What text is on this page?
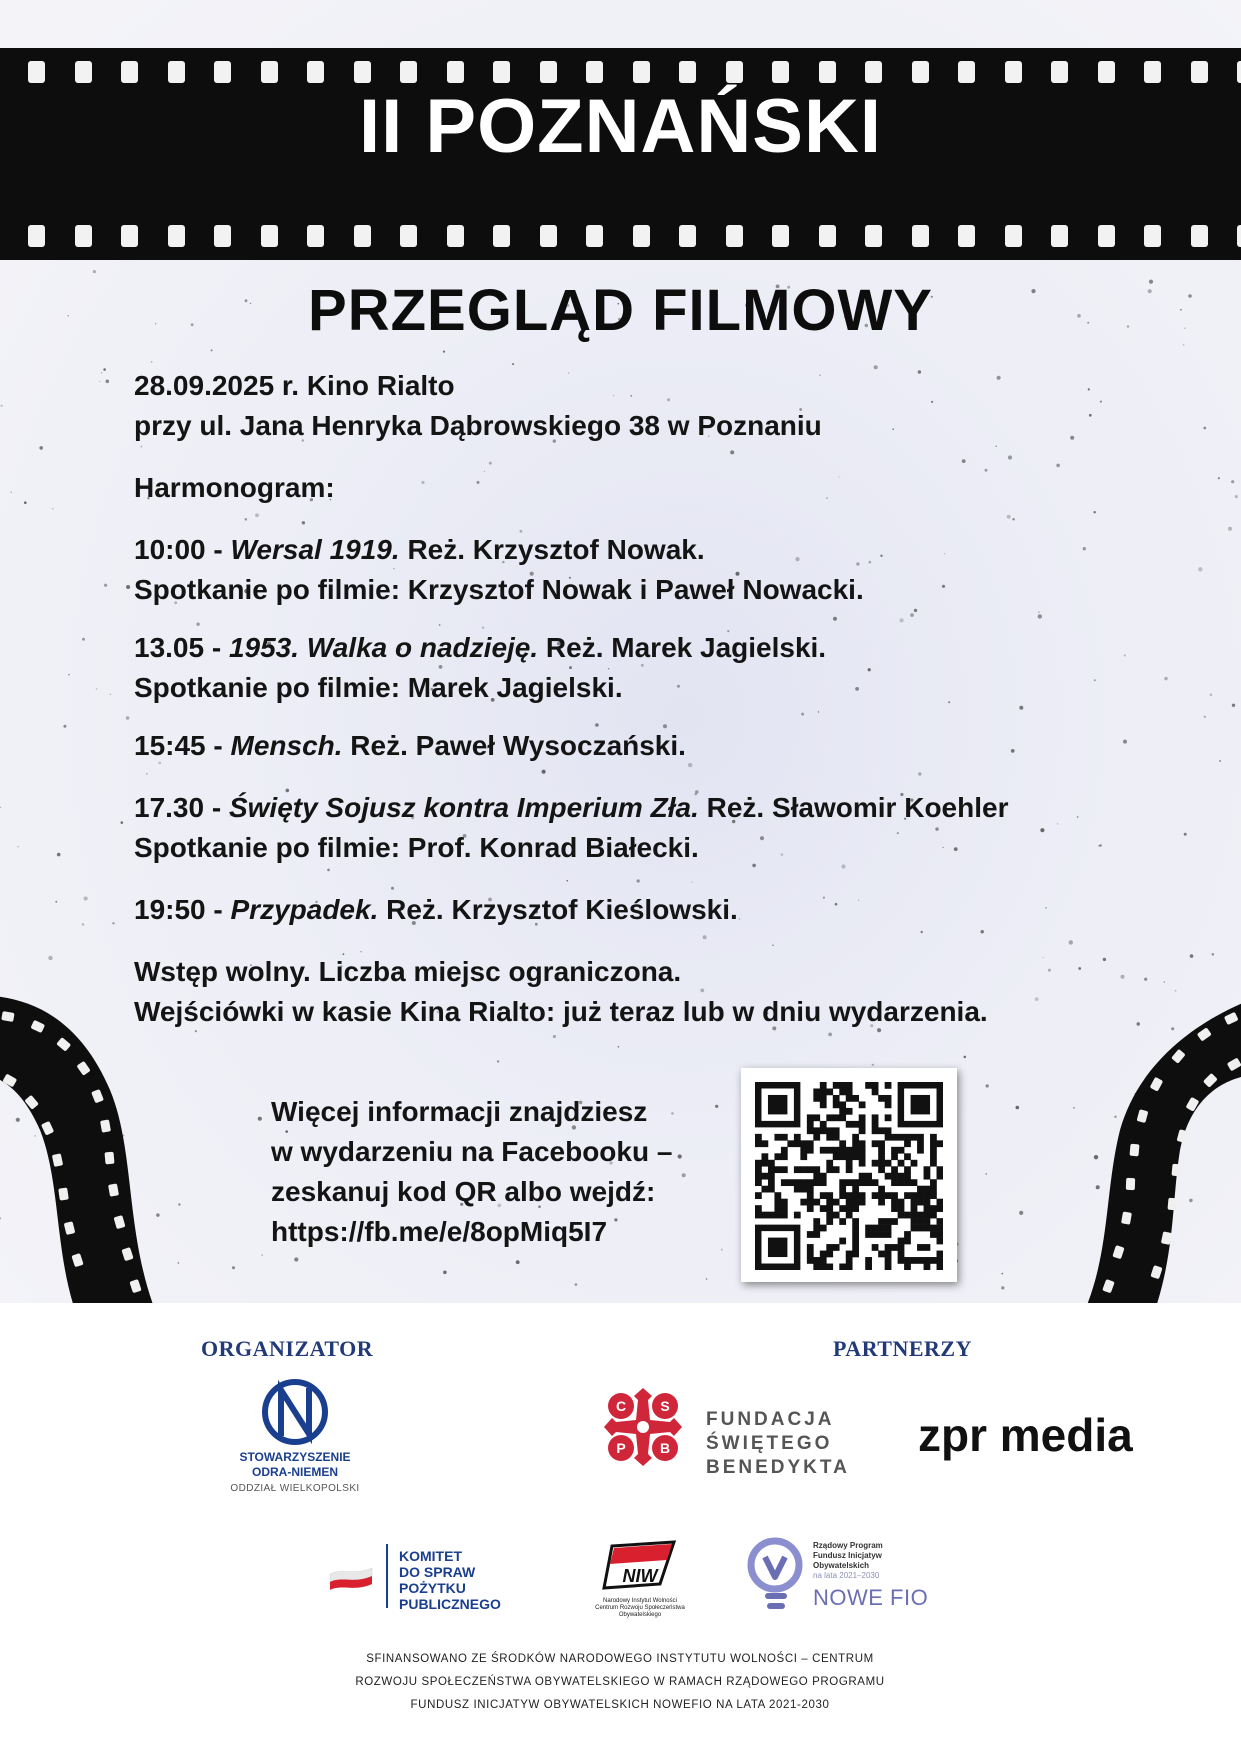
II POZNAŃSKI
PRZEGLĄD FILMOWY

28.09.2025 r. Kino Rialto

przy ul. Jana Henryka Dąbrowskiego 38 w Poznaniu

Harmonogram:

10:00 - Wersal 1919. Reż. Krzysztof Nowak.

Spotkanie po filmie: Krzysztof Nowak i Paweł Nowacki.

13.05 - 1953. Walka o nadzieję. Reż. Marek Jagielski.

Spotkanie po filmie: Marek Jagielski.

15:45 - Mensch. Reż. Paweł Wysoczański.

17.30 - Święty Sojusz kontra Imperium Zła. Reż. Sławomir Koehler

Spotkanie po filmie: Prof. Konrad Białecki.

19:50 - Przypadek. Reż. Krzysztof Kieślowski.

Wstęp wolny. Liczba miejsc ograniczona.

Wejściówki w kasie Kina Rialto: już teraz lub w dniu wydarzenia.

Więcej informacji znajdziesz

w wydarzeniu na Facebooku –

zeskanuj kod QR albo wejdź:

https://fb.me/e/8opMiq5I7

ORGANIZATOR	PARTNERZY
STOWARZYSZENIE
ODRA-NIEMEN
ODDZIAŁ WIELKOPOLSKI
C S
P B
FUNDACJA
ŚWIĘTEGO
BENEDYKTA
zpr media
KOMITET
DO SPRAW
POŻYTKU
PUBLICZNEGO
NIW
Narodowy Instytut Wolności
Centrum Rozwoju Społeczeństwa Obywatelskiego
Rządowy Program
Fundusz Inicjatyw
Obywatelskich
na lata 2021–2030
NOWE FIO

SFINANSOWANO ZE ŚRODKÓW NARODOWEGO INSTYTUTU WOLNOŚCI – CENTRUM

ROZWOJU SPOŁECZEŃSTWA OBYWATELSKIEGO W RAMACH RZĄDOWEGO PROGRAMU

FUNDUSZ INICJATYW OBYWATELSKICH NOWEFIO NA LATA 2021-2030
